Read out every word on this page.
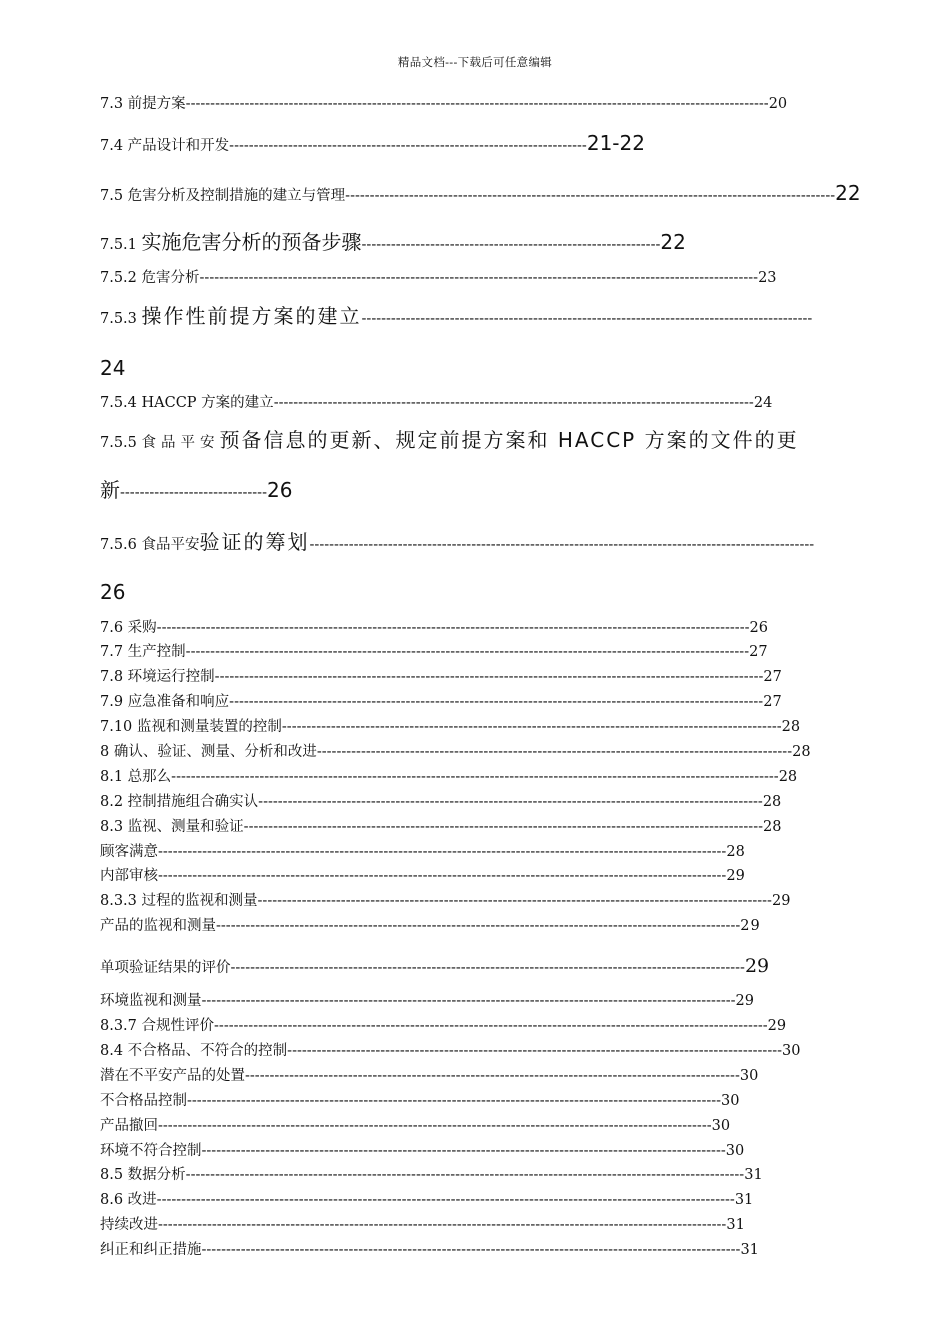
精品文档---下载后可任意编辑
7.3 前提方案-----------------------------------------------------------------------------------------------------------------------20
7.4 产品设计和开发-------------------------------------------------------------------------21-22
7.5 危害分析及控制措施的建立与管理----------------------------------------------------------------------------------------------------22
7.5.1 实施危害分析的预备步骤-------------------------------------------------------------22
7.5.2 危害分析------------------------------------------------------------------------------------------------------------------23
7.5.3 操作性前提方案的建立--------------------------------------------------------------------------------------------
24
7.5.4 HACCP 方案的建立--------------------------------------------------------------------------------------------------24
7.5.5 食品平安预备信息的更新、规定前提方案和 HACCP 方案的文件的更
新------------------------------26
7.5.6 食品平安验证的筹划-------------------------------------------------------------------------------------------------------
26
7.6 采购-------------------------------------------------------------------------------------------------------------------------26
7.7 生产控制-------------------------------------------------------------------------------------------------------------------27
7.8 环境运行控制----------------------------------------------------------------------------------------------------------------27
7.9 应急准备和响应-------------------------------------------------------------------------------------------------------------27
7.10 监视和测量装置的控制------------------------------------------------------------------------------------------------------28
8 确认、验证、测量、分析和改进-------------------------------------------------------------------------------------------------28
8.1 总那么----------------------------------------------------------------------------------------------------------------------------28
8.2 控制措施组合确实认-------------------------------------------------------------------------------------------------------28
8.3 监视、测量和验证----------------------------------------------------------------------------------------------------------28
顾客满意--------------------------------------------------------------------------------------------------------------------28
内部审核--------------------------------------------------------------------------------------------------------------------29
8.3.3 过程的监视和测量---------------------------------------------------------------------------------------------------------29
产品的监视和测量-----------------------------------------------------------------------------------------------------------29
单项验证结果的评价---------------------------------------------------------------------------------------------------------29
环境监视和测量-------------------------------------------------------------------------------------------------------------29
8.3.7 合规性评价-----------------------------------------------------------------------------------------------------------------29
8.4 不合格品、不符合的控制-----------------------------------------------------------------------------------------------------30
潜在不平安产品的处置-----------------------------------------------------------------------------------------------------30
不合格品控制-------------------------------------------------------------------------------------------------------------30
产品撤回-----------------------------------------------------------------------------------------------------------------30
环境不符合控制-----------------------------------------------------------------------------------------------------------30
8.5 数据分析------------------------------------------------------------------------------------------------------------------31
8.6 改进----------------------------------------------------------------------------------------------------------------------31
持续改进--------------------------------------------------------------------------------------------------------------------31
纠正和纠正措施--------------------------------------------------------------------------------------------------------------31
